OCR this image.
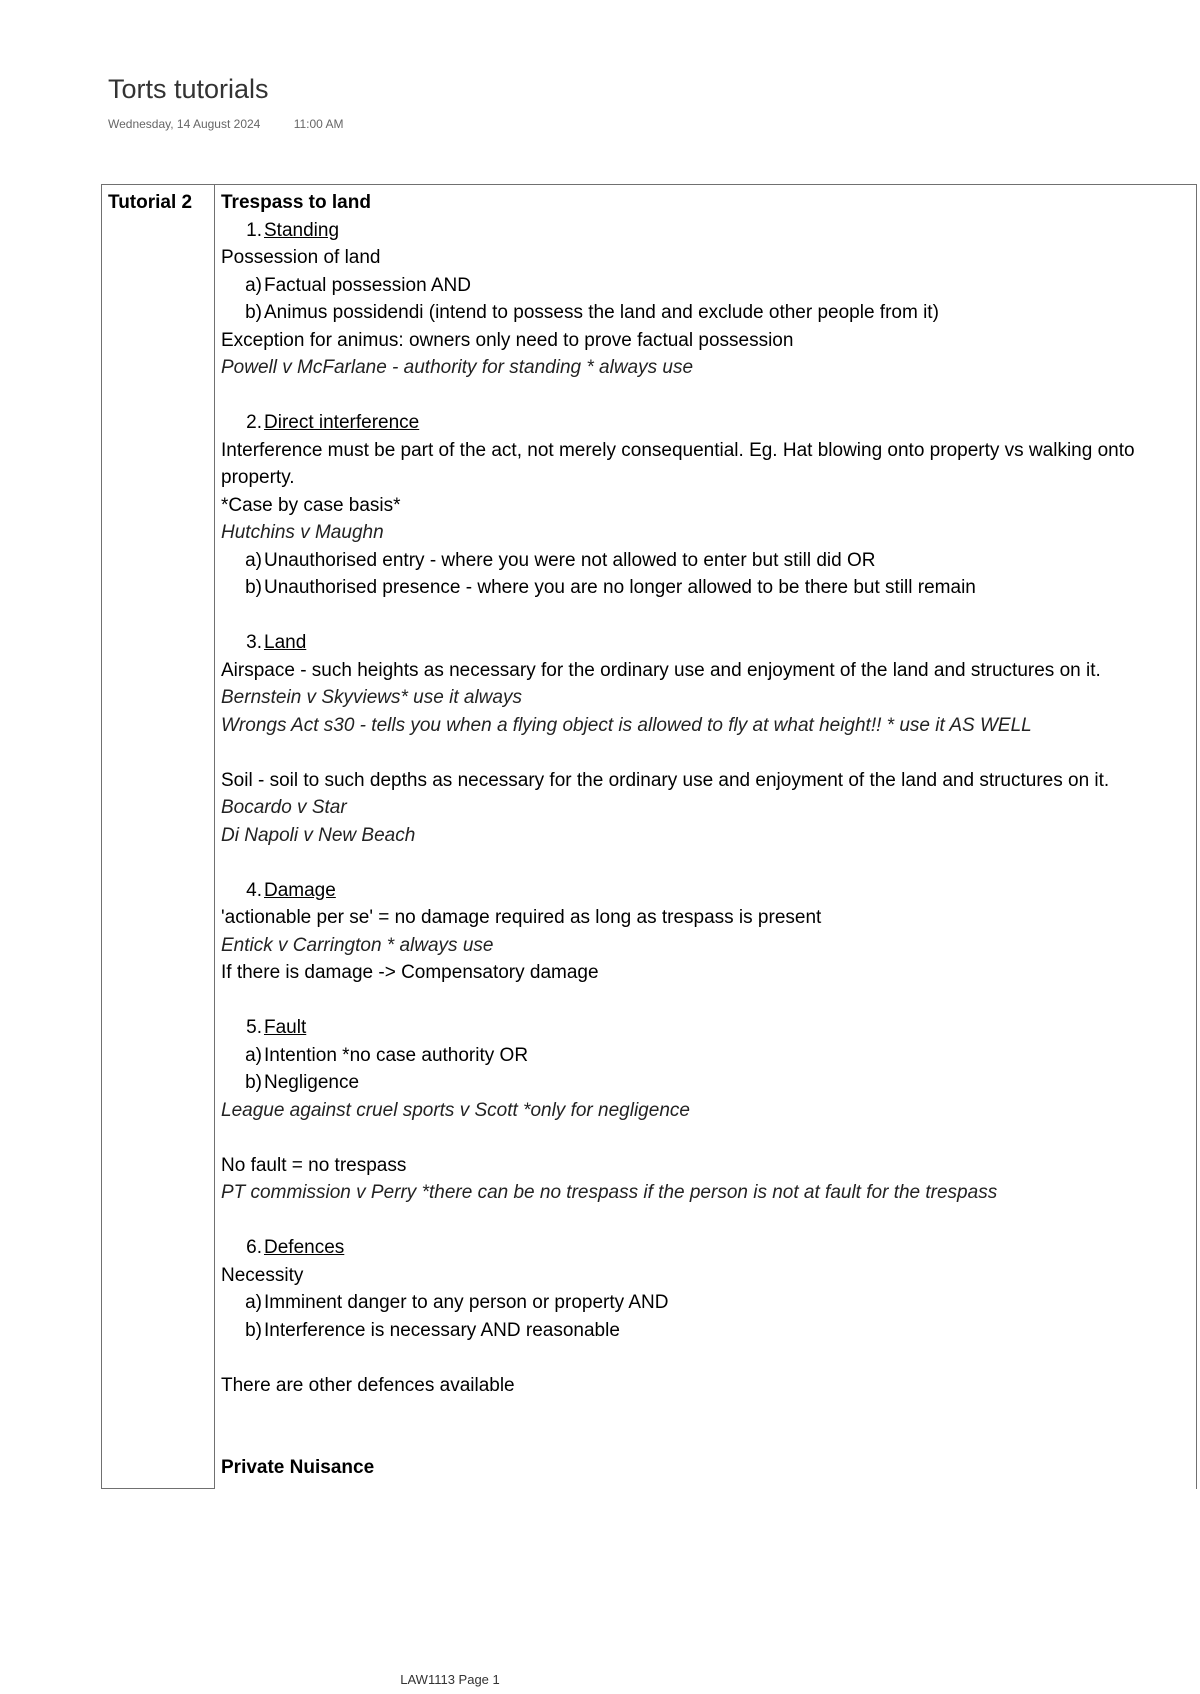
Torts tutorials
Wednesday, 14 August 2024	11:00 AM
Tutorial 2	Trespass to land
1. Standing
Possession of land
a) Factual possession AND
b) Animus possidendi (intend to possess the land and exclude other people from it)
Exception for animus: owners only need to prove factual possession
Powell v McFarlane - authority for standing * always use
2. Direct interference
Interference must be part of the act, not merely consequential. Eg. Hat blowing onto property vs walking onto property.
*Case by case basis*
Hutchins v Maughn
a) Unauthorised entry - where you were not allowed to enter but still did OR
b) Unauthorised presence - where you are no longer allowed to be there but still remain
3. Land
Airspace - such heights as necessary for the ordinary use and enjoyment of the land and structures on it.
Bernstein v Skyviews* use it always
Wrongs Act s30 - tells you when a flying object is allowed to fly at what height!! * use it AS WELL
Soil - soil to such depths as necessary for the ordinary use and enjoyment of the land and structures on it.
Bocardo v Star
Di Napoli v New Beach
4. Damage
'actionable per se' = no damage required as long as trespass is present
Entick v Carrington * always use
If there is damage -> Compensatory damage
5. Fault
a) Intention *no case authority OR
b) Negligence
League against cruel sports v Scott *only for negligence
No fault = no trespass
PT commission v Perry *there can be no trespass if the person is not at fault for the trespass
6. Defences
Necessity
a) Imminent danger to any person or property AND
b) Interference is necessary AND reasonable
There are other defences available
Private Nuisance
LAW1113 Page 1
